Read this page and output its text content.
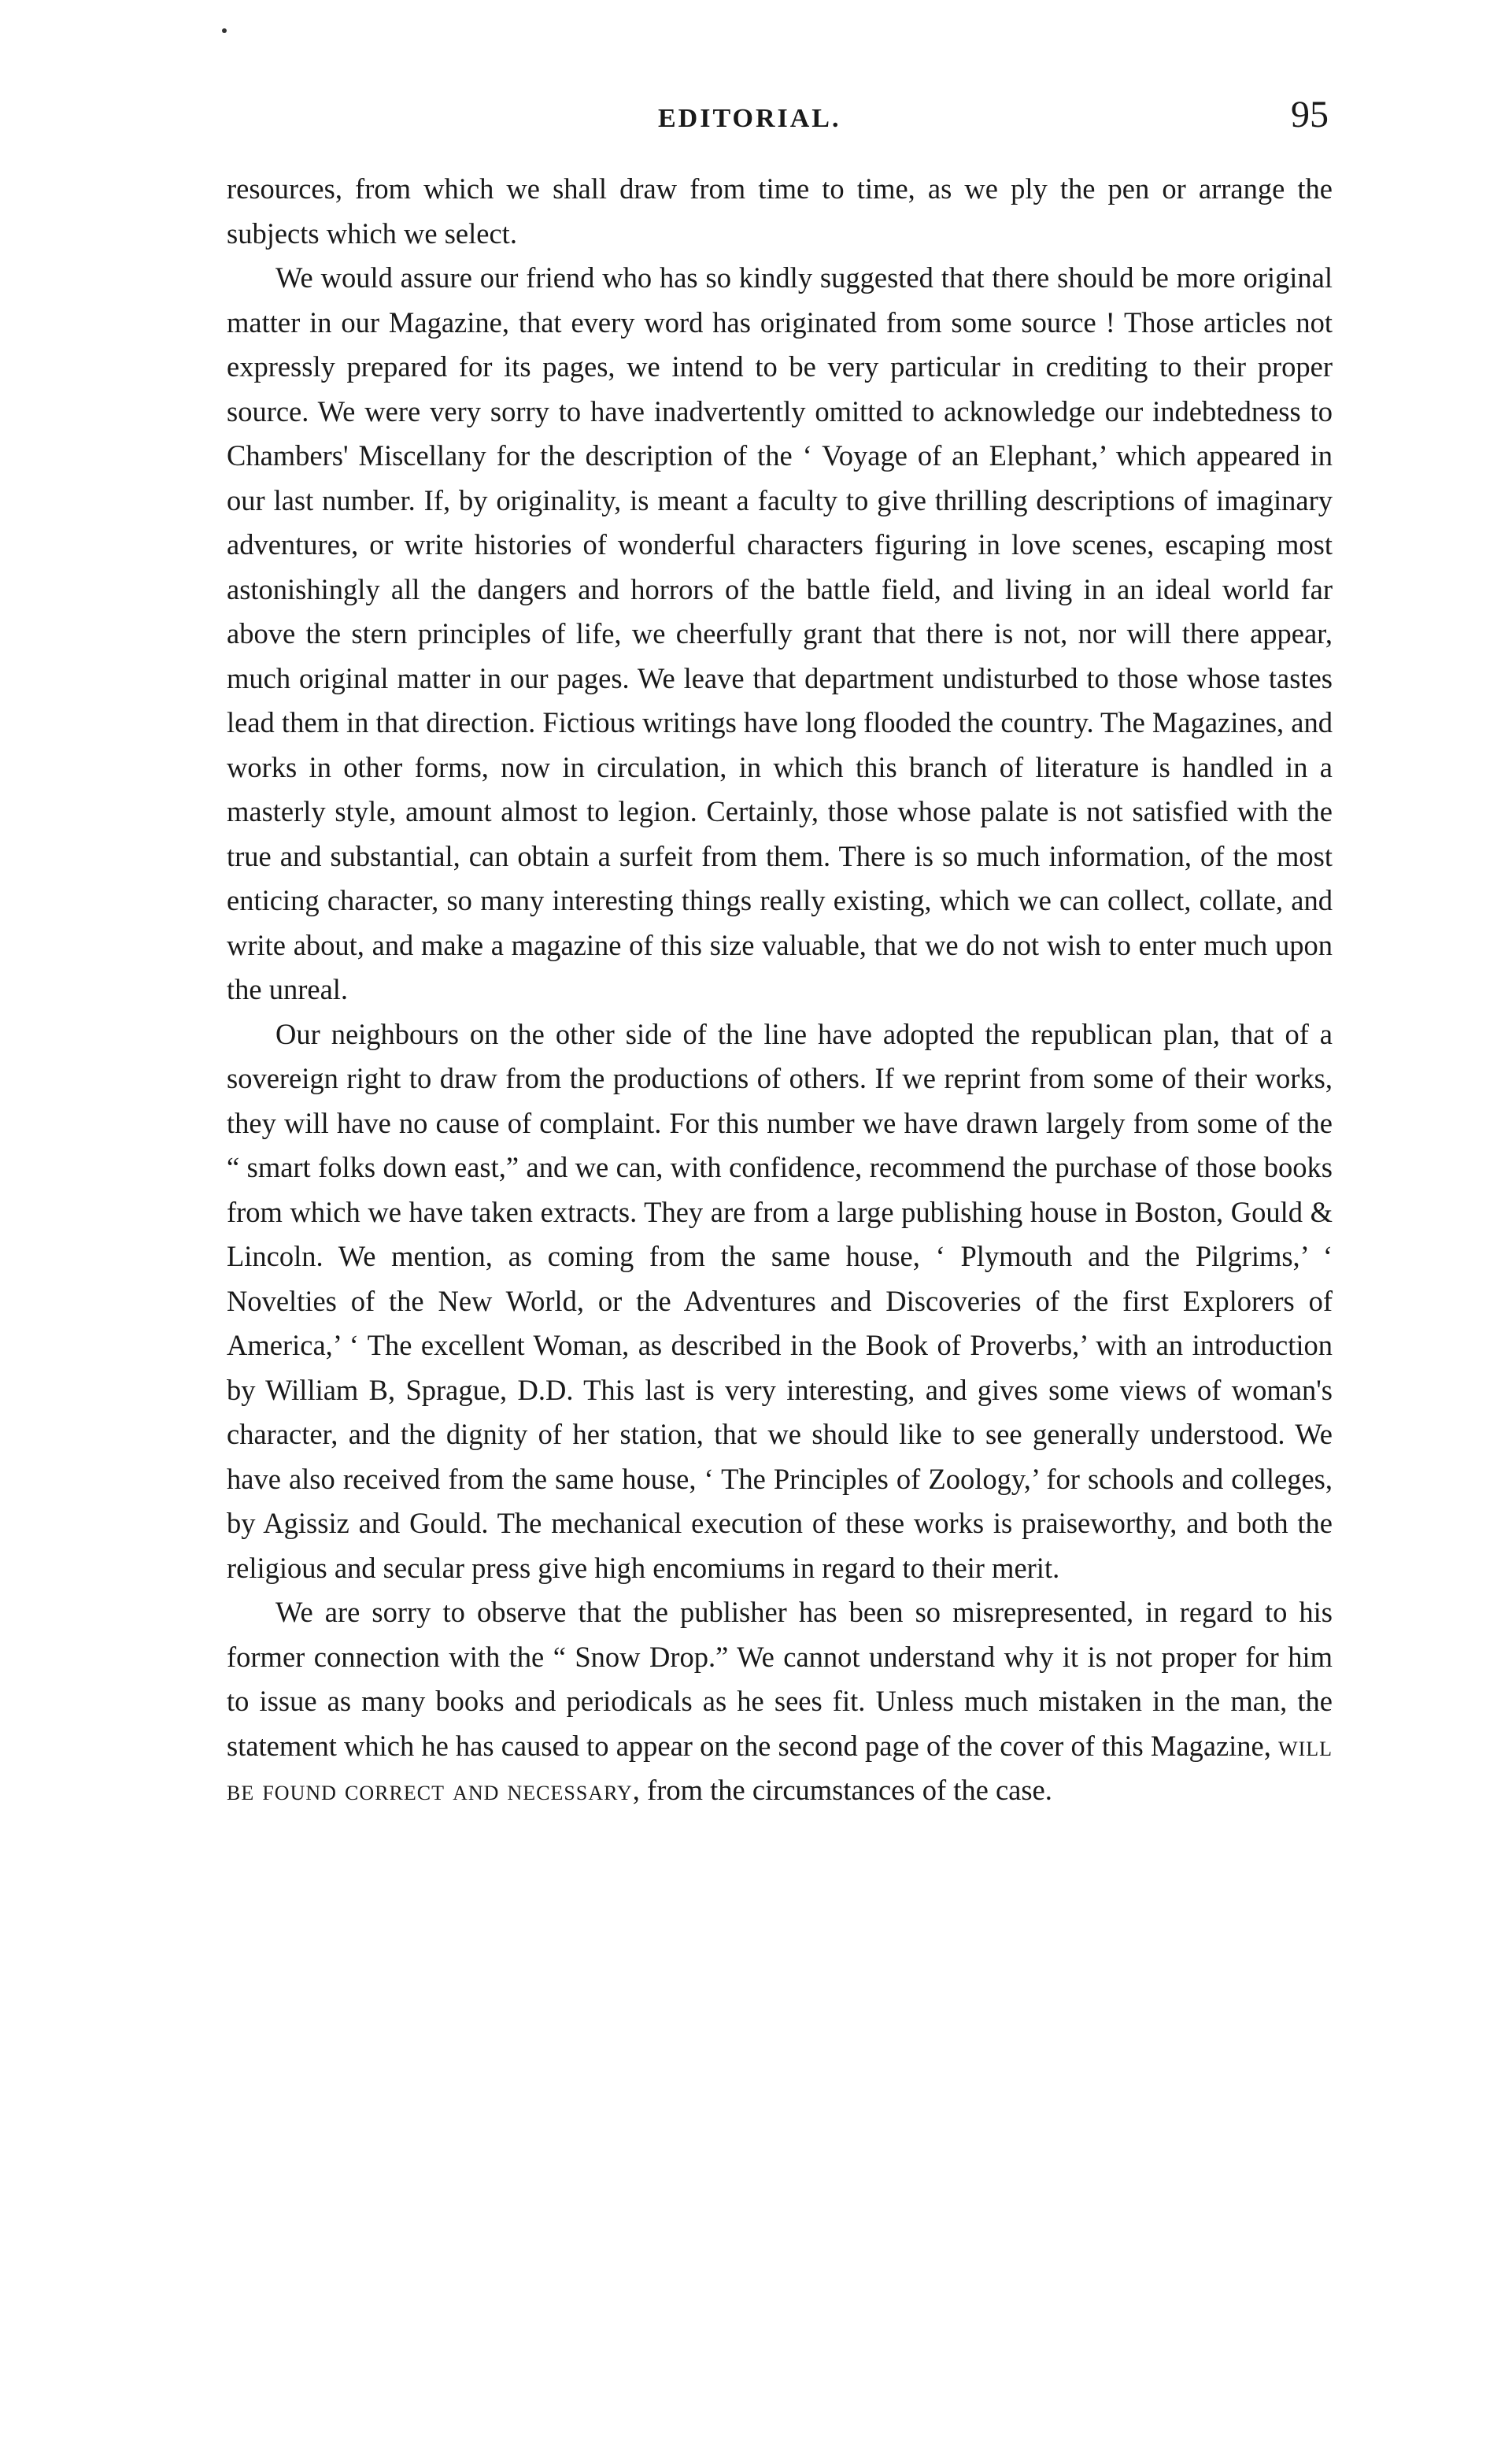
EDITORIAL.	95

resources, from which we shall draw from time to time, as we ply the pen or arrange the subjects which we select.

We would assure our friend who has so kindly suggested that there should be more original matter in our Magazine, that every word has originated from some source ! Those articles not expressly prepared for its pages, we intend to be very particular in crediting to their proper source. We were very sorry to have inadvertently omitted to acknowledge our indebtedness to Chambers' Miscellany for the description of the ‘ Voyage of an Elephant,’ which appeared in our last number. If, by originality, is meant a faculty to give thrilling descriptions of imaginary adventures, or write histories of wonderful characters figuring in love scenes, escaping most astonishingly all the dangers and horrors of the battle field, and living in an ideal world far above the stern principles of life, we cheerfully grant that there is not, nor will there appear, much original matter in our pages. We leave that department undisturbed to those whose tastes lead them in that direction. Fictious writings have long flooded the country. The Magazines, and works in other forms, now in circulation, in which this branch of literature is handled in a masterly style, amount almost to legion. Certainly, those whose palate is not satisfied with the true and substantial, can obtain a surfeit from them. There is so much information, of the most enticing character, so many interesting things really existing, which we can collect, collate, and write about, and make a magazine of this size valuable, that we do not wish to enter much upon the unreal.

Our neighbours on the other side of the line have adopted the republican plan, that of a sovereign right to draw from the productions of others. If we reprint from some of their works, they will have no cause of complaint. For this number we have drawn largely from some of the “ smart folks down east,” and we can, with confidence, recommend the purchase of those books from which we have taken extracts. They are from a large publishing house in Boston, Gould & Lincoln. We mention, as coming from the same house, ‘ Plymouth and the Pilgrims,’ ‘ Novelties of the New World, or the Adventures and Discoveries of the first Explorers of America,’ ‘ The excellent Woman, as described in the Book of Proverbs,’ with an introduction by William B, Sprague, D.D. This last is very interesting, and gives some views of woman's character, and the dignity of her station, that we should like to see generally understood. We have also received from the same house, ‘ The Principles of Zoology,’ for schools and colleges, by Agissiz and Gould. The mechanical execution of these works is praiseworthy, and both the religious and secular press give high encomiums in regard to their merit.

We are sorry to observe that the publisher has been so misrepresented, in regard to his former connection with the “ Snow Drop.” We cannot understand why it is not proper for him to issue as many books and periodicals as he sees fit. Unless much mistaken in the man, the statement which he has caused to appear on the second page of the cover of this Magazine, will be found correct and necessary, from the circumstances of the case.
